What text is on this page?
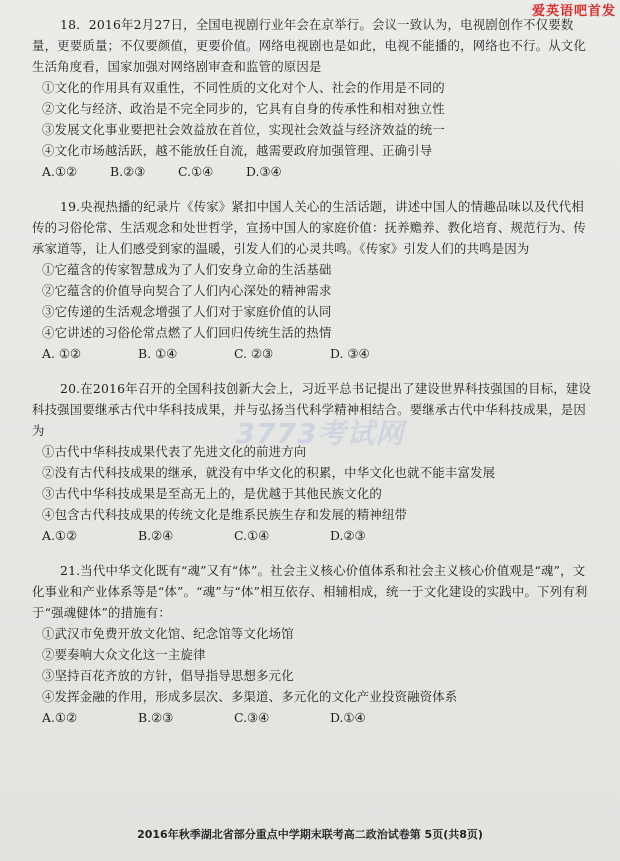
爱英语吧首发
3773考试网

18．2016年2月27日，全国电视剧行业年会在京举行。会议一致认为，电视剧创作不仅要数量，更要质量；不仅要颜值，更要价值。网络电视剧也是如此，电视不能播的，网络也不行。从文化生活角度看，国家加强对网络剧审查和监管的原因是

①文化的作用具有双重性，不同性质的文化对个人、社会的作用是不同的

②文化与经济、政治是不完全同步的，它具有自身的传承性和相对独立性

③发展文化事业要把社会效益放在首位，实现社会效益与经济效益的统一

④文化市场越活跃，越不能放任自流，越需要政府加强管理、正确引导

A.①②	B.②③	C.①④	D.③④

19.央视热播的纪录片《传家》紧扣中国人关心的生活话题，讲述中国人的情趣品味以及代代相传的习俗伦常、生活观念和处世哲学，宣扬中国人的家庭价值：抚养赡养、教化培育、规范行为、传承家道等，让人们感受到家的温暖，引发人们的心灵共鸣。《传家》引发人们的共鸣是因为

①它蕴含的传家智慧成为了人们安身立命的生活基础

②它蕴含的价值导向契合了人们内心深处的精神需求

③它传递的生活观念增强了人们对于家庭价值的认同

④它讲述的习俗伦常点燃了人们回归传统生活的热情

A. ①②	B. ①④	C. ②③	D. ③④

20.在2016年召开的全国科技创新大会上，习近平总书记提出了建设世界科技强国的目标，建设科技强国要继承古代中华科技成果，并与弘扬当代科学精神相结合。要继承古代中华科技成果，是因为

①古代中华科技成果代表了先进文化的前进方向

②没有古代科技成果的继承，就没有中华文化的积累，中华文化也就不能丰富发展

③古代中华科技成果是至高无上的，是优越于其他民族文化的

④包含古代科技成果的传统文化是维系民族生存和发展的精神纽带

A.①②	B.②④	C.①④	D.②③

21.当代中华文化既有“魂”又有“体”。社会主义核心价值体系和社会主义核心价值观是“魂”，文化事业和产业体系等是“体”。“魂”与“体”相互依存、相辅相成，统一于文化建设的实践中。下列有利于“强魂健体”的措施有：

①武汉市免费开放文化馆、纪念馆等文化场馆

②要奏响大众文化这一主旋律

③坚持百花齐放的方针，倡导指导思想多元化

④发挥金融的作用，形成多层次、多渠道、多元化的文化产业投资融资体系

A.①②	B.②③	C.③④	D.①④
2016年秋季湖北省部分重点中学期末联考高二政治试卷第 5页(共8页)
